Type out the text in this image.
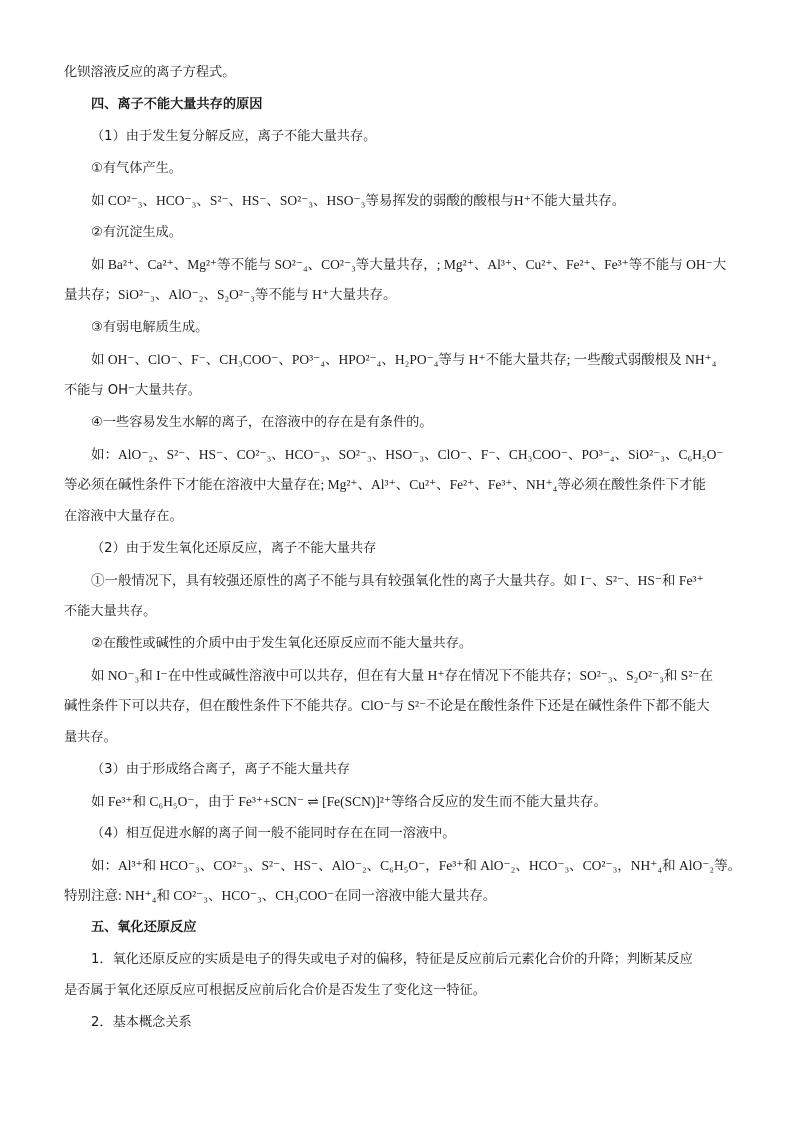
化钡溶液反应的离子方程式。
四、离子不能大量共存的原因
（1）由于发生复分解反应，离子不能大量共存。
①有气体产生。
如 CO²⁻₃、HCO⁻₃、S²⁻、HS⁻、SO²⁻₃、HSO⁻₃等易挥发的弱酸的酸根与H⁺不能大量共存。
②有沉淀生成。
如 Ba²⁺、Ca²⁺、Mg²⁺等不能与 SO²⁻₄、CO²⁻₃等大量共存，; Mg²⁺、Al³⁺、Cu²⁺、Fe²⁺、Fe³⁺等不能与 OH⁻大
量共存；SiO²⁻₃、AlO⁻₂、S₂O²⁻₃等不能与 H⁺大量共存。
③有弱电解质生成。
如 OH⁻、ClO⁻、F⁻、CH₃COO⁻、PO³⁻₄、HPO²⁻₄、H₂PO⁻₄等与 H⁺不能大量共存; 一些酸式弱酸根及 NH⁺₄
不能与 OH⁻大量共存。
④一些容易发生水解的离子，在溶液中的存在是有条件的。
如：AlO⁻₂、S²⁻、HS⁻、CO²⁻₃、HCO⁻₃、SO²⁻₃、HSO⁻₃、ClO⁻、F⁻、CH₃COO⁻、PO³⁻₄、SiO²⁻₃、C₆H₅O⁻
等必须在碱性条件下才能在溶液中大量存在; Mg²⁺、Al³⁺、Cu²⁺、Fe²⁺、Fe³⁺、NH⁺₄等必须在酸性条件下才能
在溶液中大量存在。
（2）由于发生氧化还原反应，离子不能大量共存
①一般情况下，具有较强还原性的离子不能与具有较强氧化性的离子大量共存。如 I⁻、S²⁻、HS⁻和 Fe³⁺
不能大量共存。
②在酸性或碱性的介质中由于发生氧化还原反应而不能大量共存。
如 NO⁻₃和 I⁻在中性或碱性溶液中可以共存，但在有大量 H⁺存在情况下不能共存；SO²⁻₃、S₂O²⁻₃和 S²⁻在
碱性条件下可以共存，但在酸性条件下不能共存。ClO⁻与 S²⁻不论是在酸性条件下还是在碱性条件下都不能大
量共存。
（3）由于形成络合离子，离子不能大量共存
如 Fe³⁺和 C₆H₅O⁻，由于 Fe³⁺+SCN⁻ ⇌ [Fe(SCN)]²⁺等络合反应的发生而不能大量共存。
（4）相互促进水解的离子间一般不能同时存在在同一溶液中。
如：Al³⁺和 HCO⁻₃、CO²⁻₃、S²⁻、HS⁻、AlO⁻₂、C₆H₅O⁻，Fe³⁺和 AlO⁻₂、HCO⁻₃、CO²⁻₃，NH⁺₄和 AlO⁻₂等。
特别注意: NH⁺₄和 CO²⁻₃、HCO⁻₃、CH₃COO⁻在同一溶液中能大量共存。
五、氧化还原反应
1．氧化还原反应的实质是电子的得失或电子对的偏移，特征是反应前后元素化合价的升降；判断某反应
是否属于氧化还原反应可根据反应前后化合价是否发生了变化这一特征。
2．基本概念关系
